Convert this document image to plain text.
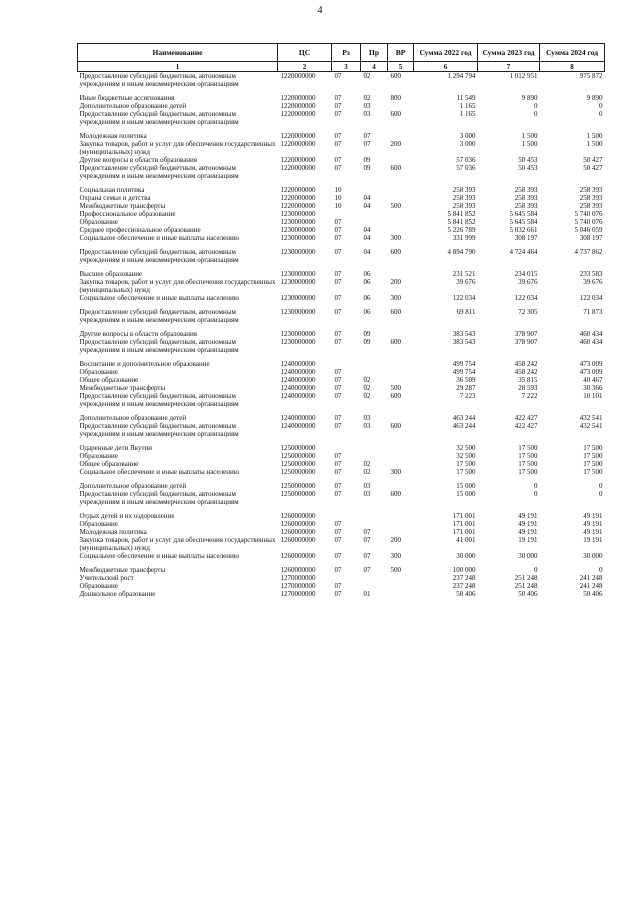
4
Наименование	ЦС	Рз	Пр	ВР	Сумма 2022 год	Сумма 2023 год	Сумма 2024 год
1	2	3	4	5	6	7	8
Предоставление субсидий бюджетным, автономным учреждениям и иным некоммерческим организациям	1220000000	07	02	600	1 294 794	1 012 951	975 872

Иные бюджетные ассигнования	1220000000	07	02	800	11 549	9 890	9 890
Дополнительное образование детей	1220000000	07	03		1 165	0	0
Предоставление субсидий бюджетным, автономным учреждениям и иным некоммерческим организациям	1220000000	07	03	600	1 165	0	0

Молодежная политика	1220000000	07	07		3 000	1 500	1 500
Закупка товаров, работ и услуг для обеспечения государственных (муниципальных) нужд	1220000000	07	07	200	3 000	1 500	1 500
Другие вопросы в области образования	1220000000	07	09		57 036	50 453	50 427
Предоставление субсидий бюджетным, автономным учреждениям и иным некоммерческим организациям	1220000000	07	09	600	57 036	50 453	50 427

Социальная политика	1220000000	10			258 393	258 393	258 393
Охрана семьи и детства	1220000000	10	04		258 393	258 393	258 393
Межбюджетные трансферты	1220000000	10	04	500	258 393	258 393	258 393
Профессиональное образование	1230000000				5 841 852	5 645 584	5 740 076
Образование	1230000000	07			5 841 852	5 645 584	5 740 076
Среднее профессиональное образование	1230000000	07	04		5 226 789	5 032 661	5 046 059
Социальное обеспечение и иные выплаты населению	1230000000	07	04	300	331 999	308 197	308 197

Предоставление субсидий бюджетным, автономным учреждениям и иным некоммерческим организациям	1230000000	07	04	600	4 894 790	4 724 464	4 737 862

Высшее образование	1230000000	07	06		231 521	234 015	233 583
Закупка товаров, работ и услуг для обеспечения государственных (муниципальных) нужд	1230000000	07	06	200	39 676	39 676	39 676
Социальное обеспечение и иные выплаты населению	1230000000	07	06	300	122 034	122 034	122 034

Предоставление субсидий бюджетным, автономным учреждениям и иным некоммерческим организациям	1230000000	07	06	600	69 811	72 305	71 873

Другие вопросы в области образования	1230000000	07	09		383 543	378 907	460 434
Предоставление субсидий бюджетным, автономным учреждениям и иным некоммерческим организациям	1230000000	07	09	600	383 543	378 907	460 434

Воспитание и дополнительное образование	1240000000				499 754	458 242	473 009
Образование	1240000000	07			499 754	458 242	473 009
Общее образование	1240000000	07	02		36 509	35 815	40 467
Межбюджетные трансферты	1240000000	07	02	500	29 287	28 593	30 366
Предоставление субсидий бюджетным, автономным учреждениям и иным некоммерческим организациям	1240000000	07	02	600	7 223	7 222	10 101

Дополнительное образование детей	1240000000	07	03		463 244	422 427	432 541
Предоставление субсидий бюджетным, автономным учреждениям и иным некоммерческим организациям	1240000000	07	03	600	463 244	422 427	432 541

Одаренные дети Якутии	1250000000				32 500	17 500	17 500
Образование	1250000000	07			32 500	17 500	17 500
Общее образование	1250000000	07	02		17 500	17 500	17 500
Социальное обеспечение и иные выплаты населению	1250000000	07	02	300	17 500	17 500	17 500

Дополнительное образование детей	1250000000	07	03		15 000	0	0
Предоставление субсидий бюджетным, автономным учреждениям и иным некоммерческим организациям	1250000000	07	03	600	15 000	0	0

Отдых детей и их оздоровление	1260000000				171 001	49 191	49 191
Образование	1260000000	07			171 001	49 191	49 191
Молодежная политика	1260000000	07	07		171 001	49 191	49 191
Закупка товаров, работ и услуг для обеспечения государственных (муниципальных) нужд	1260000000	07	07	200	41 001	19 191	19 191
Социальное обеспечение и иные выплаты населению	1260000000	07	07	300	30 000	30 000	30 000

Межбюджетные трансферты	1260000000	07	07	500	100 000	0	0
Учительский рост	1270000000				237 248	251 248	241 248
Образование	1270000000	07			237 248	251 248	241 248
Дошкольное образование	1270000000	07	01		50 406	50 406	50 406
